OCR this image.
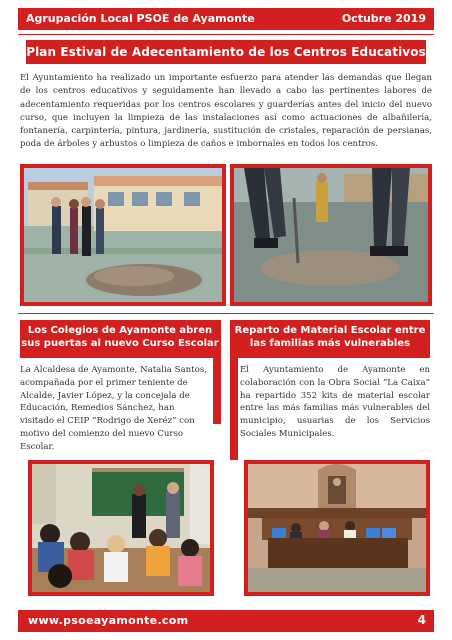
Agrupación Local PSOE de Ayamonte	Octubre 2019
Plan Estival de Adecentamiento de los Centros Educativos
El Ayuntamiento ha realizado un importante esfuerzo para atender las demandas que llegan de los centros educativos y seguidamente han llevado a cabo las pertinentes labores de adecentamiento requeridas por los centros escolares y guarderías antes del inicio del nuevo curso, que incluyen la limpieza de las instalaciones así como actuaciones de albañilería, fontanería, carpintería, pintura, jardinería, sustitución de cristales, reparación de persianas, poda de árboles y arbustos o limpieza de caños e imbornales en todos los centros.
Los Colegios de Ayamonte abren sus puertas al nuevo Curso Escolar
La Alcaldesa de Ayamonte, Natalia Santos, acompañada por el primer teniente de Alcalde, Javier López, y la concejala de Educación, Remedios Sánchez, han visitado el CEIP “Rodrigo de Xeréz” con motivo del comienzo del nuevo Curso Escolar.
Reparto de Material Escolar entre las familias más vulnerables
El Ayuntamiento de Ayamonte en colaboración con la Obra Social “La Caixa” ha repartido 352 kits de material escolar entre las más familias más vulnerables del municipio, usuarias de los Servicios Sociales Municipales.
www.psoeayamonte.com	4
